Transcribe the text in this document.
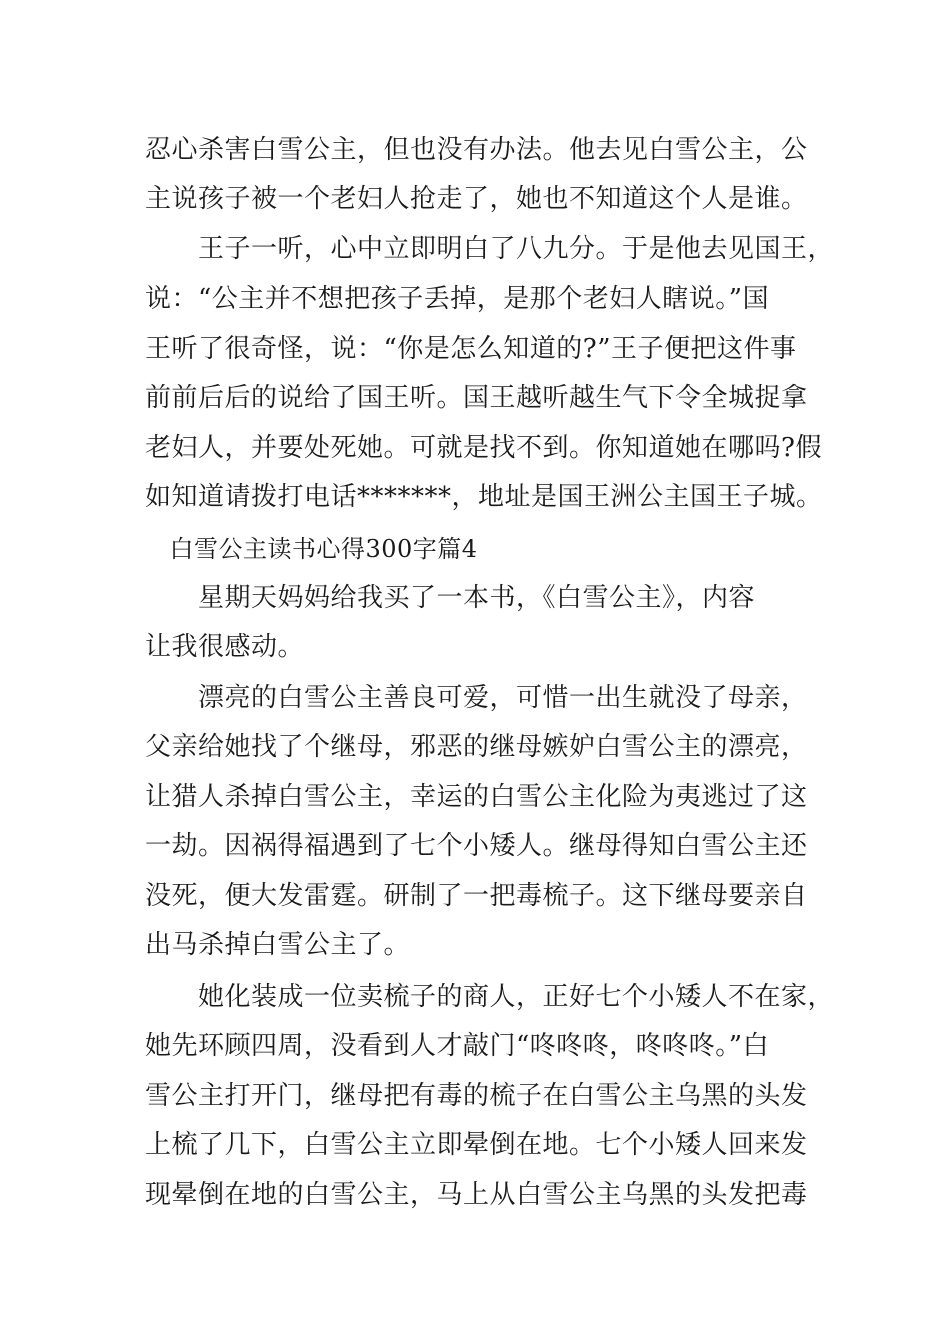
忍心杀害白雪公主，但也没有办法。他去见白雪公主，公
主说孩子被一个老妇人抢走了，她也不知道这个人是谁。
　　王子一听，心中立即明白了八九分。于是他去见国王，
说：“公主并不想把孩子丢掉，是那个老妇人瞎说。”国
王听了很奇怪，说：“你是怎么知道的?”王子便把这件事
前前后后的说给了国王听。国王越听越生气下令全城捉拿
老妇人，并要处死她。可就是找不到。你知道她在哪吗?假
如知道请拨打电话*******，地址是国王洲公主国王子城。
　白雪公主读书心得300字篇4
　　星期天妈妈给我买了一本书，《白雪公主》，内容
让我很感动。
　　漂亮的白雪公主善良可爱，可惜一出生就没了母亲，
父亲给她找了个继母，邪恶的继母嫉妒白雪公主的漂亮，
让猎人杀掉白雪公主，幸运的白雪公主化险为夷逃过了这
一劫。因祸得福遇到了七个小矮人。继母得知白雪公主还
没死，便大发雷霆。研制了一把毒梳子。这下继母要亲自
出马杀掉白雪公主了。
　　她化装成一位卖梳子的商人，正好七个小矮人不在家，
她先环顾四周，没看到人才敲门“咚咚咚，咚咚咚。”白
雪公主打开门，继母把有毒的梳子在白雪公主乌黑的头发
上梳了几下，白雪公主立即晕倒在地。七个小矮人回来发
现晕倒在地的白雪公主，马上从白雪公主乌黑的头发把毒
